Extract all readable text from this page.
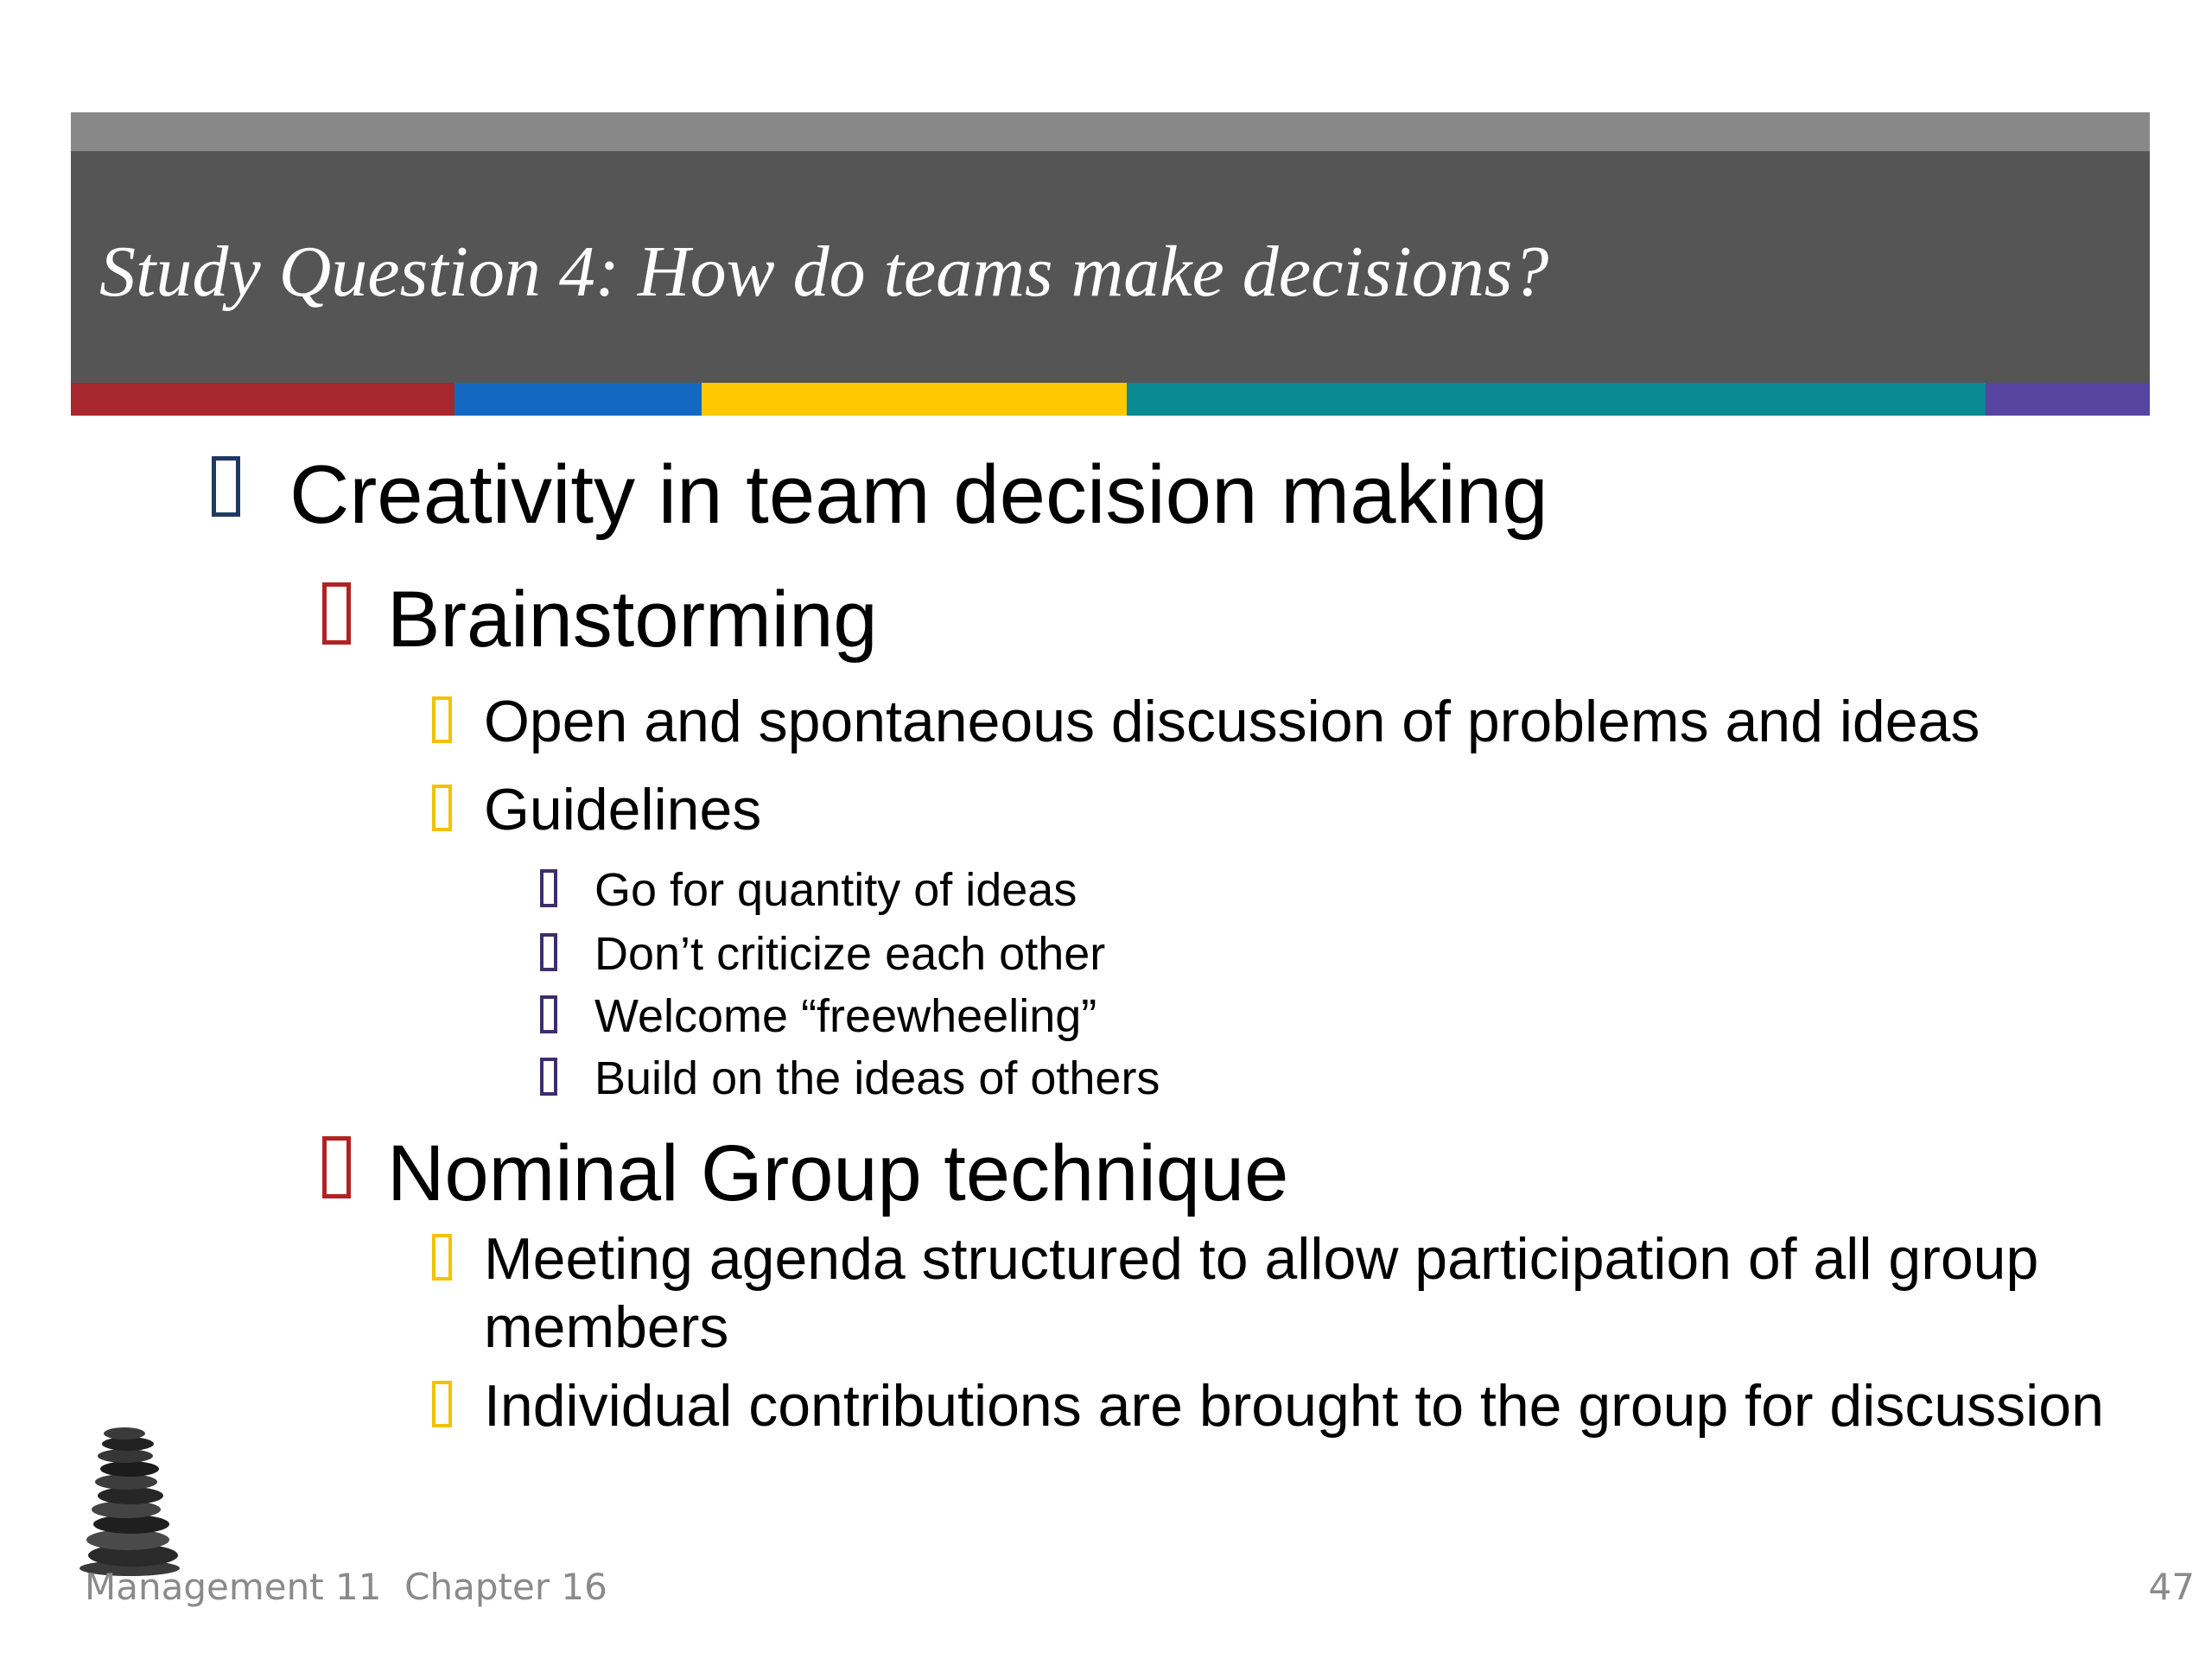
Study Question 4: How do teams make decisions?
Creativity in team decision making
Brainstorming
Open and spontaneous discussion of problems and ideas
Guidelines
Go for quantity of ideas
Don’t criticize each other
Welcome “freewheeling”
Build on the ideas of others
Nominal Group technique
Meeting agenda structured to allow participation of all group
members
Individual contributions are brought to the group for discussion
Management 11  Chapter 16	47
